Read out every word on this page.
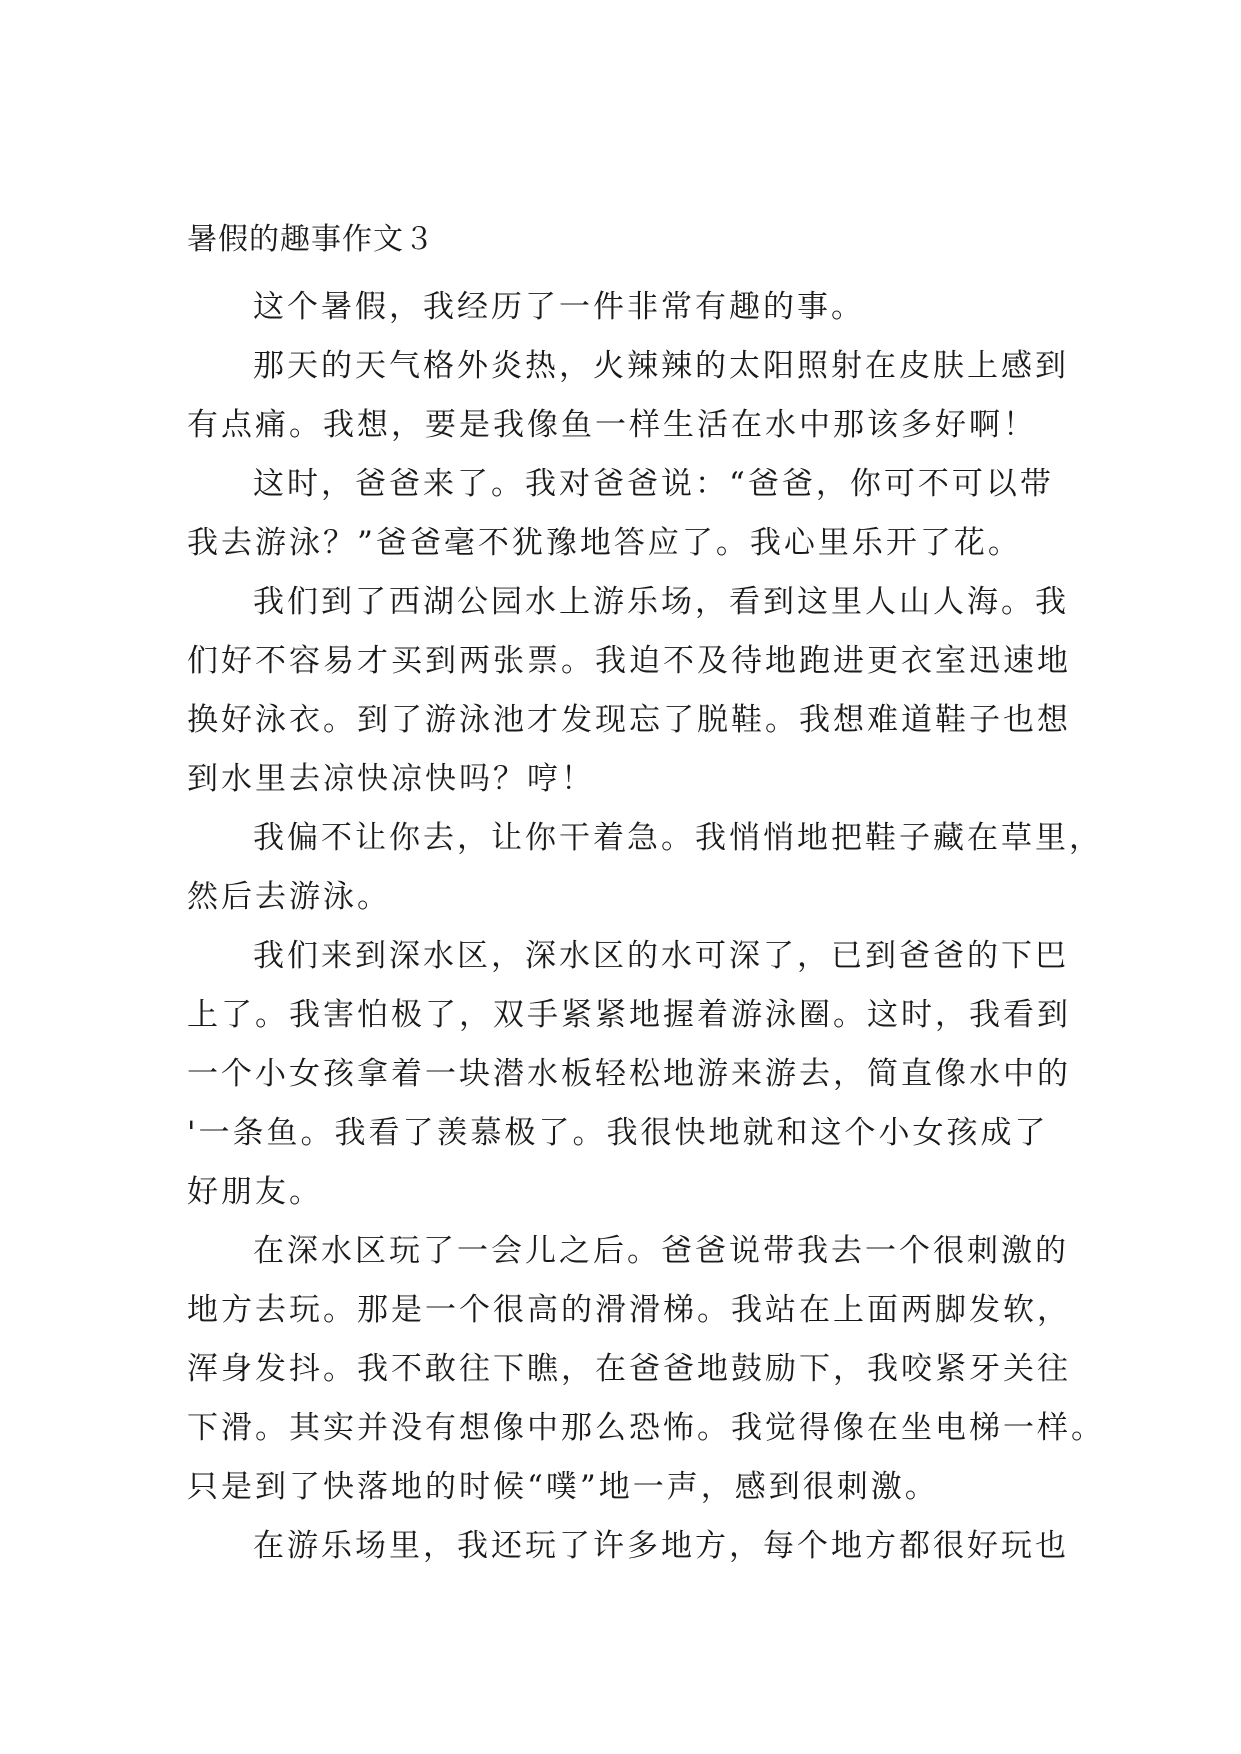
暑假的趣事作文３
这个暑假，我经历了一件非常有趣的事。
那天的天气格外炎热，火辣辣的太阳照射在皮肤上感到
有点痛。我想，要是我像鱼一样生活在水中那该多好啊！
这时，爸爸来了。我对爸爸说：“爸爸，你可不可以带
我去游泳？”爸爸毫不犹豫地答应了。我心里乐开了花。
我们到了西湖公园水上游乐场，看到这里人山人海。我
们好不容易才买到两张票。我迫不及待地跑进更衣室迅速地
换好泳衣。到了游泳池才发现忘了脱鞋。我想难道鞋子也想
到水里去凉快凉快吗？哼！
我偏不让你去，让你干着急。我悄悄地把鞋子藏在草里，
然后去游泳。
我们来到深水区，深水区的水可深了，已到爸爸的下巴
上了。我害怕极了，双手紧紧地握着游泳圈。这时，我看到
一个小女孩拿着一块潜水板轻松地游来游去，简直像水中的
'一条鱼。我看了羡慕极了。我很快地就和这个小女孩成了
好朋友。
在深水区玩了一会儿之后。爸爸说带我去一个很刺激的
地方去玩。那是一个很高的滑滑梯。我站在上面两脚发软，
浑身发抖。我不敢往下瞧，在爸爸地鼓励下，我咬紧牙关往
下滑。其实并没有想像中那么恐怖。我觉得像在坐电梯一样。
只是到了快落地的时候“噗”地一声，感到很刺激。
在游乐场里，我还玩了许多地方，每个地方都很好玩也
